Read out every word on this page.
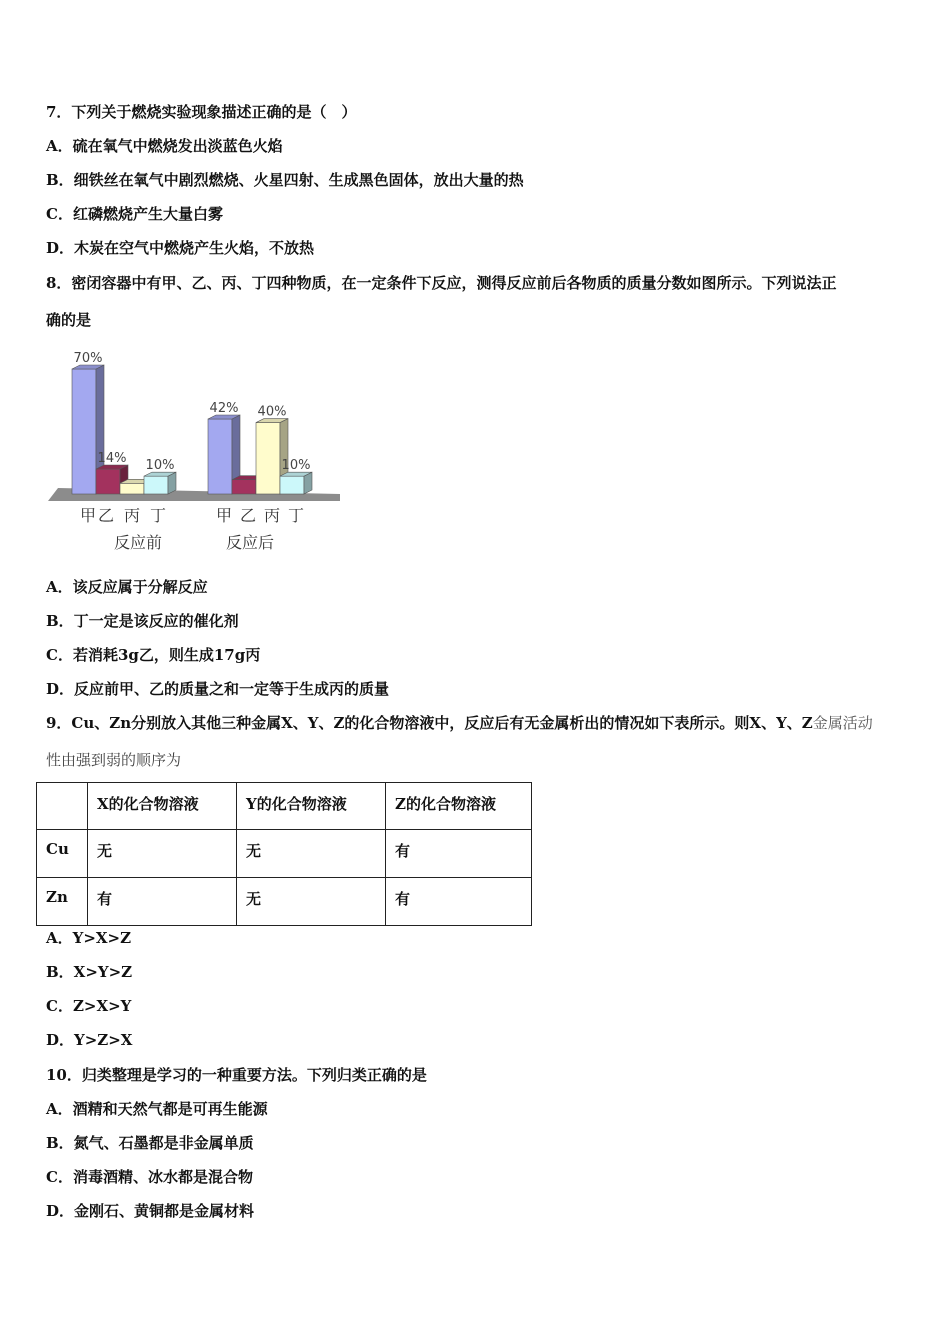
7．下列关于燃烧实验现象描述正确的是（　）
A．硫在氧气中燃烧发出淡蓝色火焰
B．细铁丝在氧气中剧烈燃烧、火星四射、生成黑色固体，放出大量的热
C．红磷燃烧产生大量白雾
D．木炭在空气中燃烧产生火焰，不放热
8．密闭容器中有甲、乙、丙、丁四种物质，在一定条件下反应，测得反应前后各物质的质量分数如图所示。下列说法正
确的是
70%
14% 10%
42% 40%
10%
甲 乙 丙 丁
反应前
甲 乙 丙 丁
反应后
A．该反应属于分解反应
B．丁一定是该反应的催化剂
C．若消耗3g乙，则生成17g丙
D．反应前甲、乙的质量之和一定等于生成丙的质量
9．Cu、Zn分别放入其他三种金属X、Y、Z的化合物溶液中，反应后有无金属析出的情况如下表所示。则X、Y、Z金属活动
性由强到弱的顺序为
	X的化合物溶液	Y的化合物溶液	Z的化合物溶液
Cu	无	无	有
Zn	有	无	有
A．Y>X>Z
B．X>Y>Z
C．Z>X>Y
D．Y>Z>X
10．归类整理是学习的一种重要方法。下列归类正确的是
A．酒精和天然气都是可再生能源
B．氮气、石墨都是非金属单质
C．消毒酒精、冰水都是混合物
D．金刚石、黄铜都是金属材料
